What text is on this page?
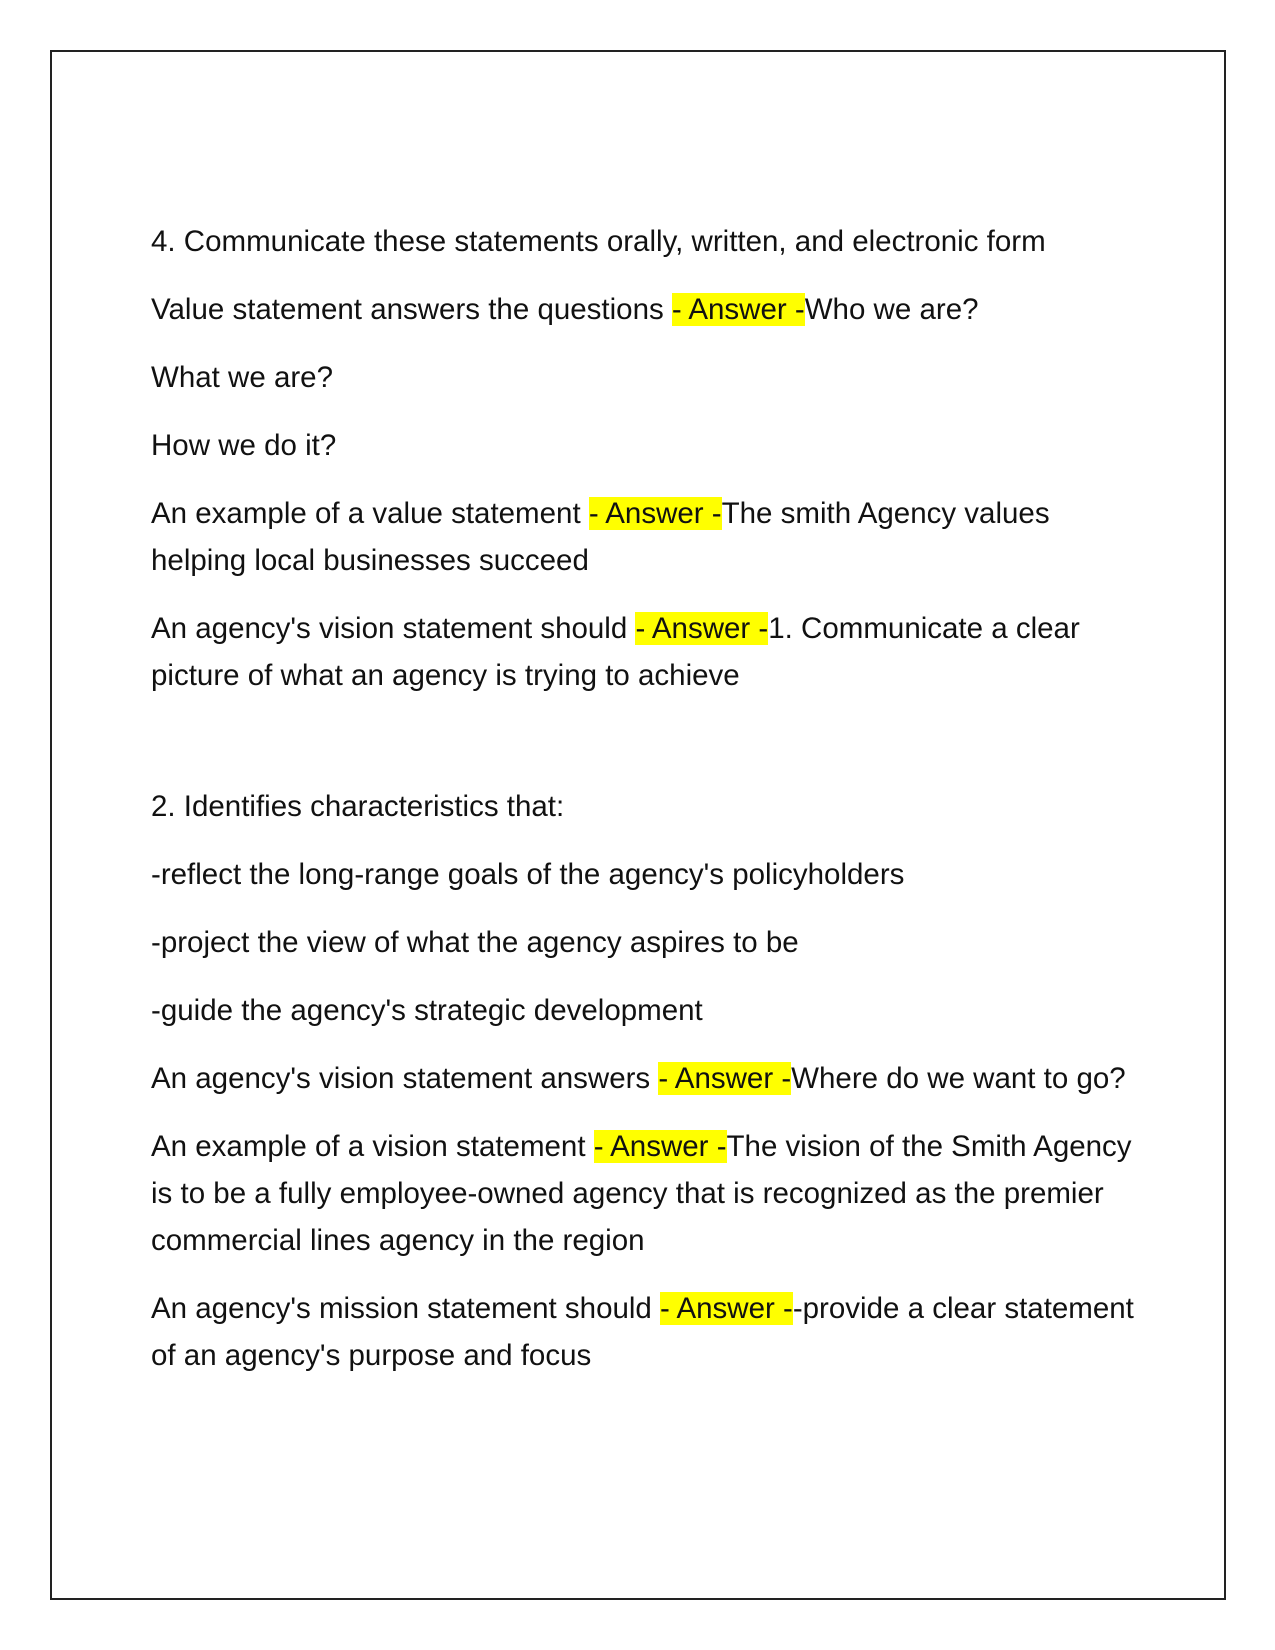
4. Communicate these statements orally, written, and electronic form

Value statement answers the questions - Answer -Who we are?

What we are?

How we do it?

An example of a value statement - Answer -The smith Agency values helping local businesses succeed

An agency's vision statement should - Answer -1. Communicate a clear picture of what an agency is trying to achieve

2. Identifies characteristics that:

-reflect the long-range goals of the agency's policyholders

-project the view of what the agency aspires to be

-guide the agency's strategic development

An agency's vision statement answers - Answer -Where do we want to go?

An example of a vision statement - Answer -The vision of the Smith Agency is to be a fully employee-owned agency that is recognized as the premier commercial lines agency in the region

An agency's mission statement should - Answer --provide a clear statement of an agency's purpose and focus
